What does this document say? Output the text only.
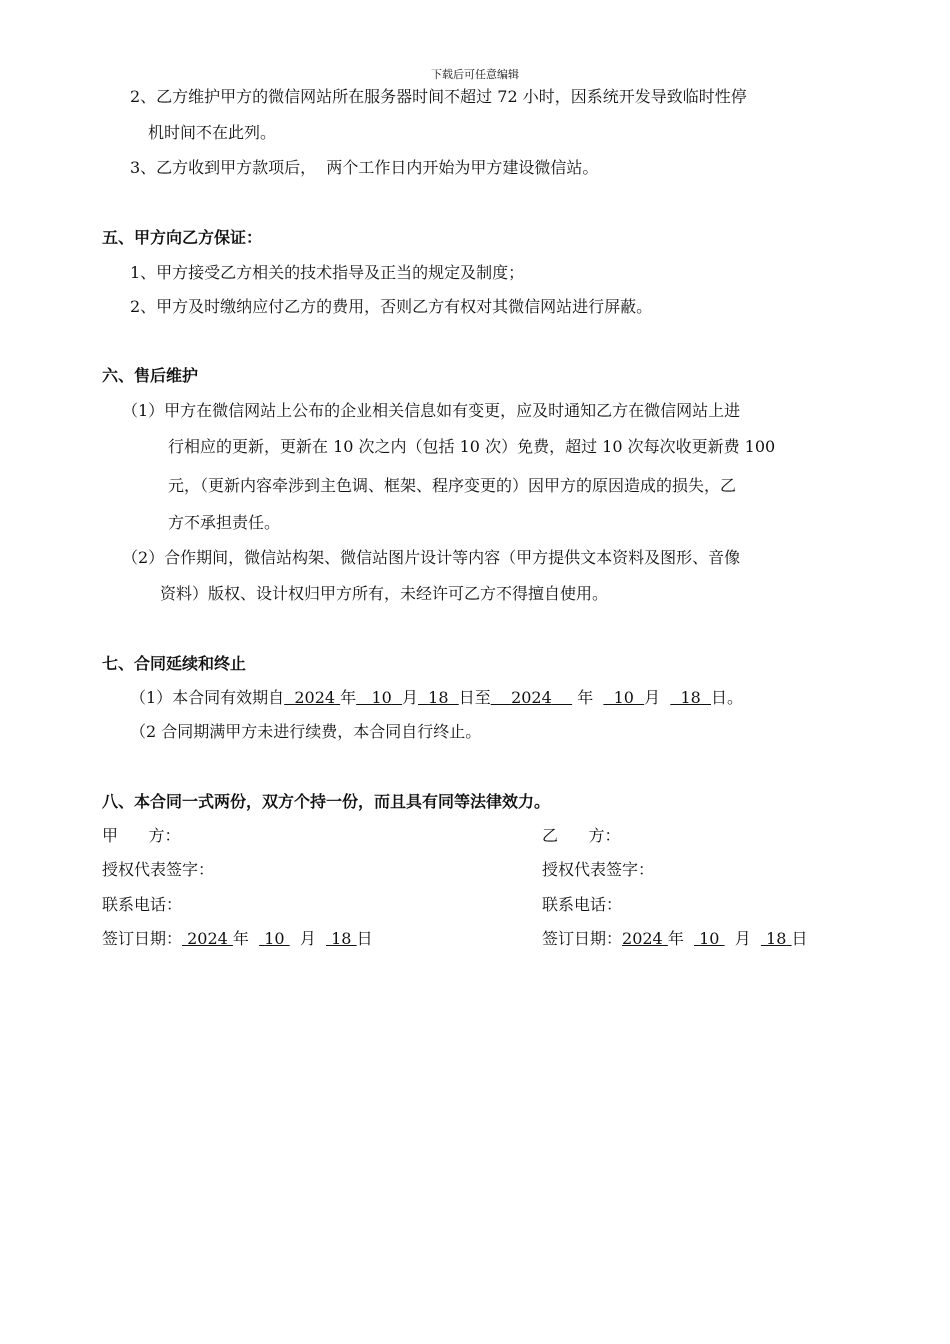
下载后可任意编辑
2、乙方维护甲方的微信网站所在服务器时间不超过 72 小时，因系统开发导致临时性停
机时间不在此列。
3、乙方收到甲方款项后，  两个工作日内开始为甲方建设微信站。
五、甲方向乙方保证：
1、甲方接受乙方相关的技术指导及正当的规定及制度；
2、甲方及时缴纳应付乙方的费用，否则乙方有权对其微信网站进行屏蔽。
六、售后维护
（1）甲方在微信网站上公布的企业相关信息如有变更，应及时通知乙方在微信网站上进
行相应的更新，更新在 10 次之内（包括 10 次）免费，超过 10 次每次收更新费 100
元，（更新内容牵涉到主色调、框架、程序变更的）因甲方的原因造成的损失，乙
方不承担责任。
（2）合作期间，微信站构架、微信站图片设计等内容（甲方提供文本资料及图形、音像
资料）版权、设计权归甲方所有，未经许可乙方不得擅自使用。
七、合同延续和终止
（1）本合同有效期自 2024 年 10 月 18 日至 2024 年 10 月 18 日。
（2 合同期满甲方未进行续费，本合同自行终止。
八、本合同一式两份，双方个持一份，而且具有同等法律效力。
甲      方：
授权代表签字：
联系电话：
签订日期： 2024 年 10 月 18 日
乙      方：
授权代表签字：
联系电话：
签订日期：2024 年 10 月 18 日
